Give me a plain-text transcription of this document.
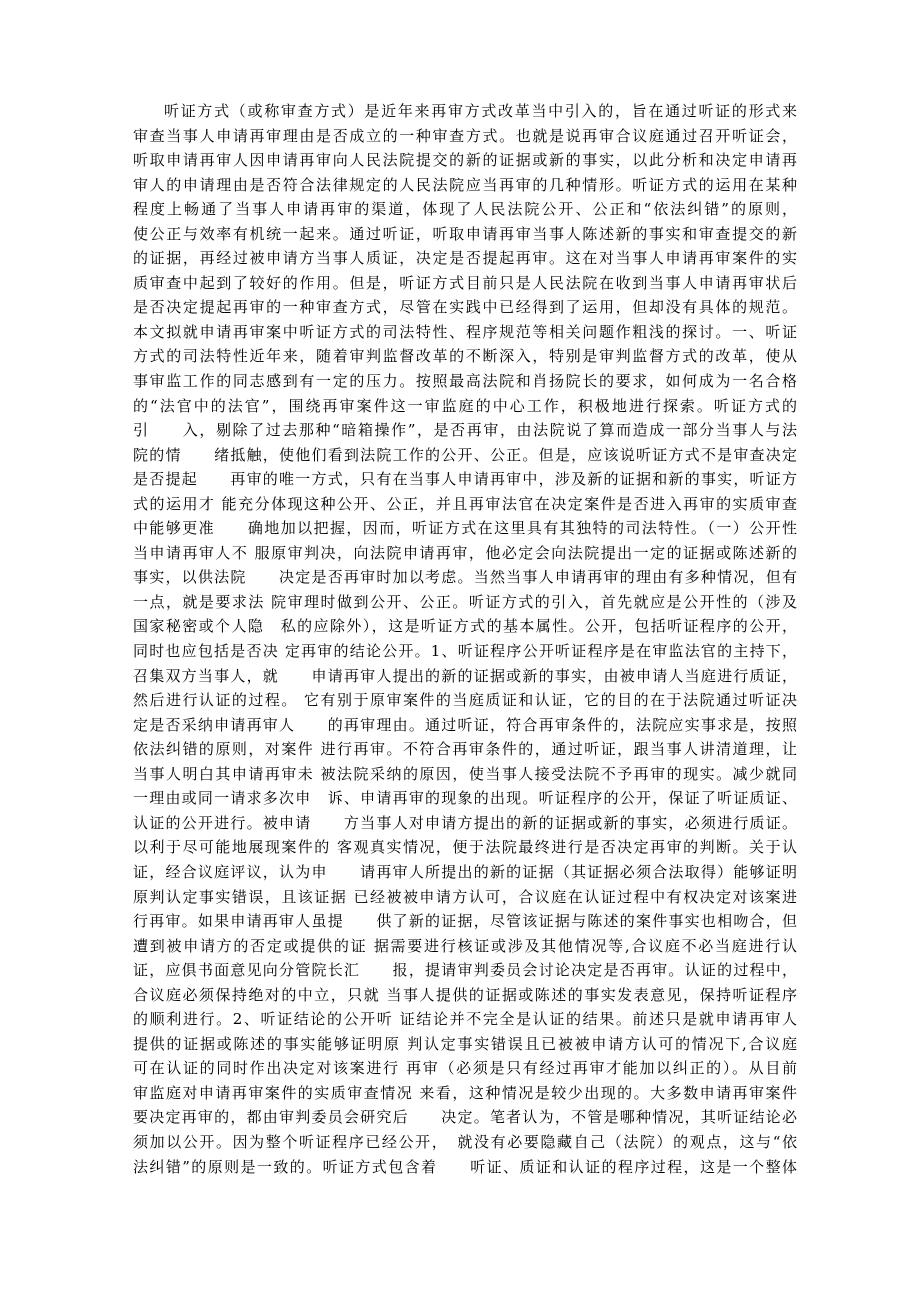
听证方式（或称审查方式）是近年来再审方式改革当中引入的，旨在通过听证的形式来
审查当事人申请再审理由是否成立的一种审查方式。也就是说再审合议庭通过召开听证会，
听取申请再审人因申请再审向人民法院提交的新的证据或新的事实，以此分析和决定申请再
审人的申请理由是否符合法律规定的人民法院应当再审的几种情形。听证方式的运用在某种
程度上畅通了当事人申请再审的渠道，体现了人民法院公开、公正和“依法纠错”的原则，
使公正与效率有机统一起来。通过听证，听取申请再审当事人陈述新的事实和审查提交的新
的证据，再经过被申请方当事人质证，决定是否提起再审。这在对当事人申请再审案件的实
质审查中起到了较好的作用。但是，听证方式目前只是人民法院在收到当事人申请再审状后
是否决定提起再审的一种审查方式，尽管在实践中已经得到了运用，但却没有具体的规范。
本文拟就申请再审案中听证方式的司法特性、程序规范等相关问题作粗浅的探讨。一、听证
方式的司法特性近年来，随着审判监督改革的不断深入，特别是审判监督方式的改革，使从
事审监工作的同志感到有一定的压力。按照最高法院和肖扬院长的要求，如何成为一名合格
的“法官中的法官”，围绕再审案件这一审监庭的中心工作，积极地进行探索。听证方式的
引　　入，剔除了过去那种“暗箱操作”，是否再审，由法院说了算而造成一部分当事人与法
院的情　　绪抵触，使他们看到法院工作的公开、公正。但是，应该说听证方式不是审查决定
是否提起　　再审的唯一方式，只有在当事人申请再审中，涉及新的证据和新的事实，听证方
式的运用才 能充分体现这种公开、公正，并且再审法官在决定案件是否进入再审的实质审查
中能够更准　　确地加以把握，因而，听证方式在这里具有其独特的司法特性。（一）公开性
当申请再审人不 服原审判决，向法院申请再审，他必定会向法院提出一定的证据或陈述新的
事实，以供法院　　决定是否再审时加以考虑。当然当事人申请再审的理由有多种情况，但有
一点，就是要求法 院审理时做到公开、公正。听证方式的引入，首先就应是公开性的（涉及
国家秘密或个人隐　私的应除外），这是听证方式的基本属性。公开，包括听证程序的公开，
同时也应包括是否决 定再审的结论公开。1、听证程序公开听证程序是在审监法官的主持下，
召集双方当事人，就　　申请再审人提出的新的证据或新的事实，由被申请人当庭进行质证，
然后进行认证的过程。 它有别于原审案件的当庭质证和认证，它的目的在于法院通过听证决
定是否采纳申请再审人　　的再审理由。通过听证，符合再审条件的，法院应实事求是，按照
依法纠错的原则，对案件 进行再审。不符合再审条件的，通过听证，跟当事人讲清道理，让
当事人明白其申请再审未 被法院采纳的原因，使当事人接受法院不予再审的现实。减少就同
一理由或同一请求多次申　诉、申请再审的现象的出现。听证程序的公开，保证了听证质证、
认证的公开进行。被申请　　方当事人对申请方提出的新的证据或新的事实，必须进行质证。
以利于尽可能地展现案件的 客观真实情况，便于法院最终进行是否决定再审的判断。关于认
证，经合议庭评议，认为申　　请再审人所提出的新的证据（其证据必须合法取得）能够证明
原判认定事实错误，且该证据 已经被被申请方认可，合议庭在认证过程中有权决定对该案进
行再审。如果申请再审人虽提　　供了新的证据，尽管该证据与陈述的案件事实也相吻合，但
遭到被申请方的否定或提供的证 据需要进行核证或涉及其他情况等,合议庭不必当庭进行认
证，应俱书面意见向分管院长汇　　报，提请审判委员会讨论决定是否再审。认证的过程中，
合议庭必须保持绝对的中立，只就 当事人提供的证据或陈述的事实发表意见，保持听证程序
的顺利进行。2、听证结论的公开听 证结论并不完全是认证的结果。前述只是就申请再审人
提供的证据或陈述的事实能够证明原 判认定事实错误且已被被申请方认可的情况下,合议庭
可在认证的同时作出决定对该案进行 再审（必须是只有经过再审才能加以纠正的）。从目前
审监庭对申请再审案件的实质审查情况 来看，这种情况是较少出现的。大多数申请再审案件
要决定再审的，都由审判委员会研究后　　决定。笔者认为，不管是哪种情况，其听证结论必
须加以公开。因为整个听证程序已经公开，　就没有必要隐藏自己（法院）的观点，这与“依
法纠错”的原则是一致的。听证方式包含着　　听证、质证和认证的程序过程，这是一个整体
